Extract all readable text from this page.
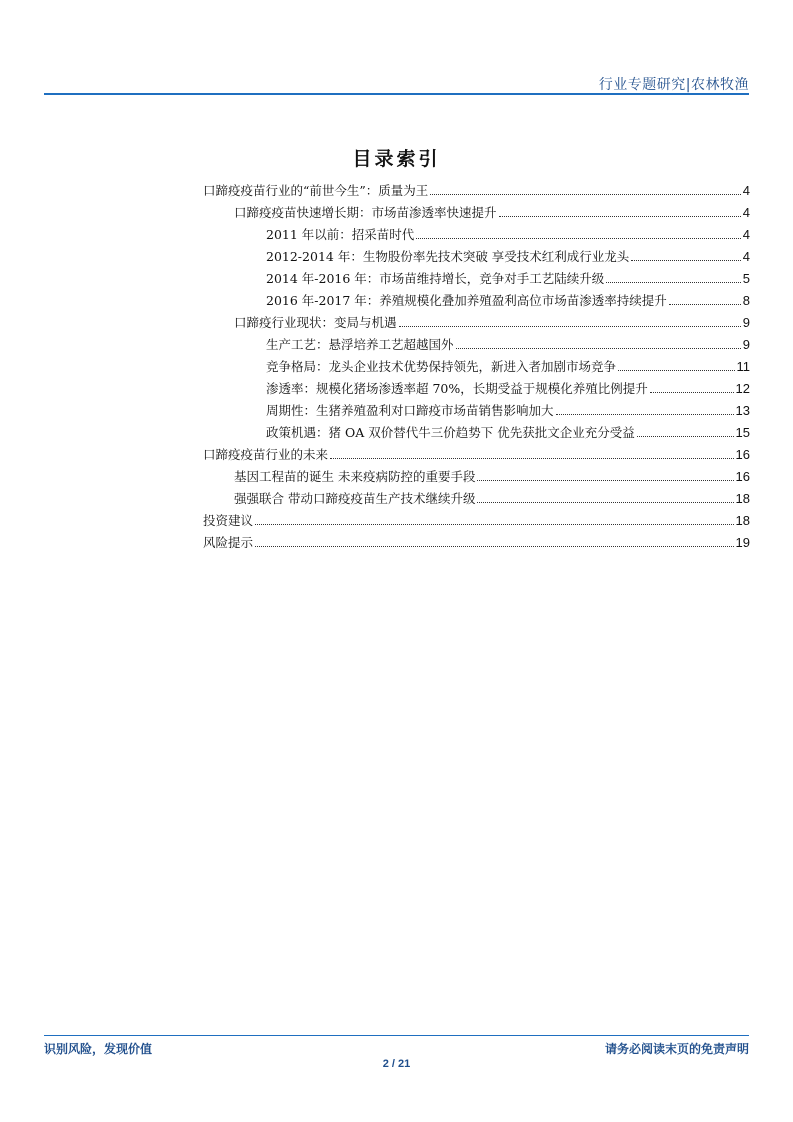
行业专题研究|农林牧渔
目录索引
口蹄疫疫苗行业的“前世今生”：质量为王	4
口蹄疫疫苗快速增长期：市场苗渗透率快速提升	4
2011 年以前：招采苗时代	4
2012-2014 年：生物股份率先技术突破 享受技术红利成行业龙头	4
2014 年-2016 年：市场苗维持增长，竞争对手工艺陆续升级	5
2016 年-2017 年：养殖规模化叠加养殖盈利高位市场苗渗透率持续提升	8
口蹄疫行业现状：变局与机遇	9
生产工艺：悬浮培养工艺超越国外	9
竞争格局：龙头企业技术优势保持领先，新进入者加剧市场竞争	11
渗透率：规模化猪场渗透率超 70%，长期受益于规模化养殖比例提升	12
周期性：生猪养殖盈利对口蹄疫市场苗销售影响加大	13
政策机遇：猪 OA 双价替代牛三价趋势下 优先获批文企业充分受益	15
口蹄疫疫苗行业的未来	16
基因工程苗的诞生 未来疫病防控的重要手段	16
强强联合 带动口蹄疫疫苗生产技术继续升级	18
投资建议	18
风险提示	19
识别风险，发现价值	请务必阅读末页的免责声明
2 / 21
